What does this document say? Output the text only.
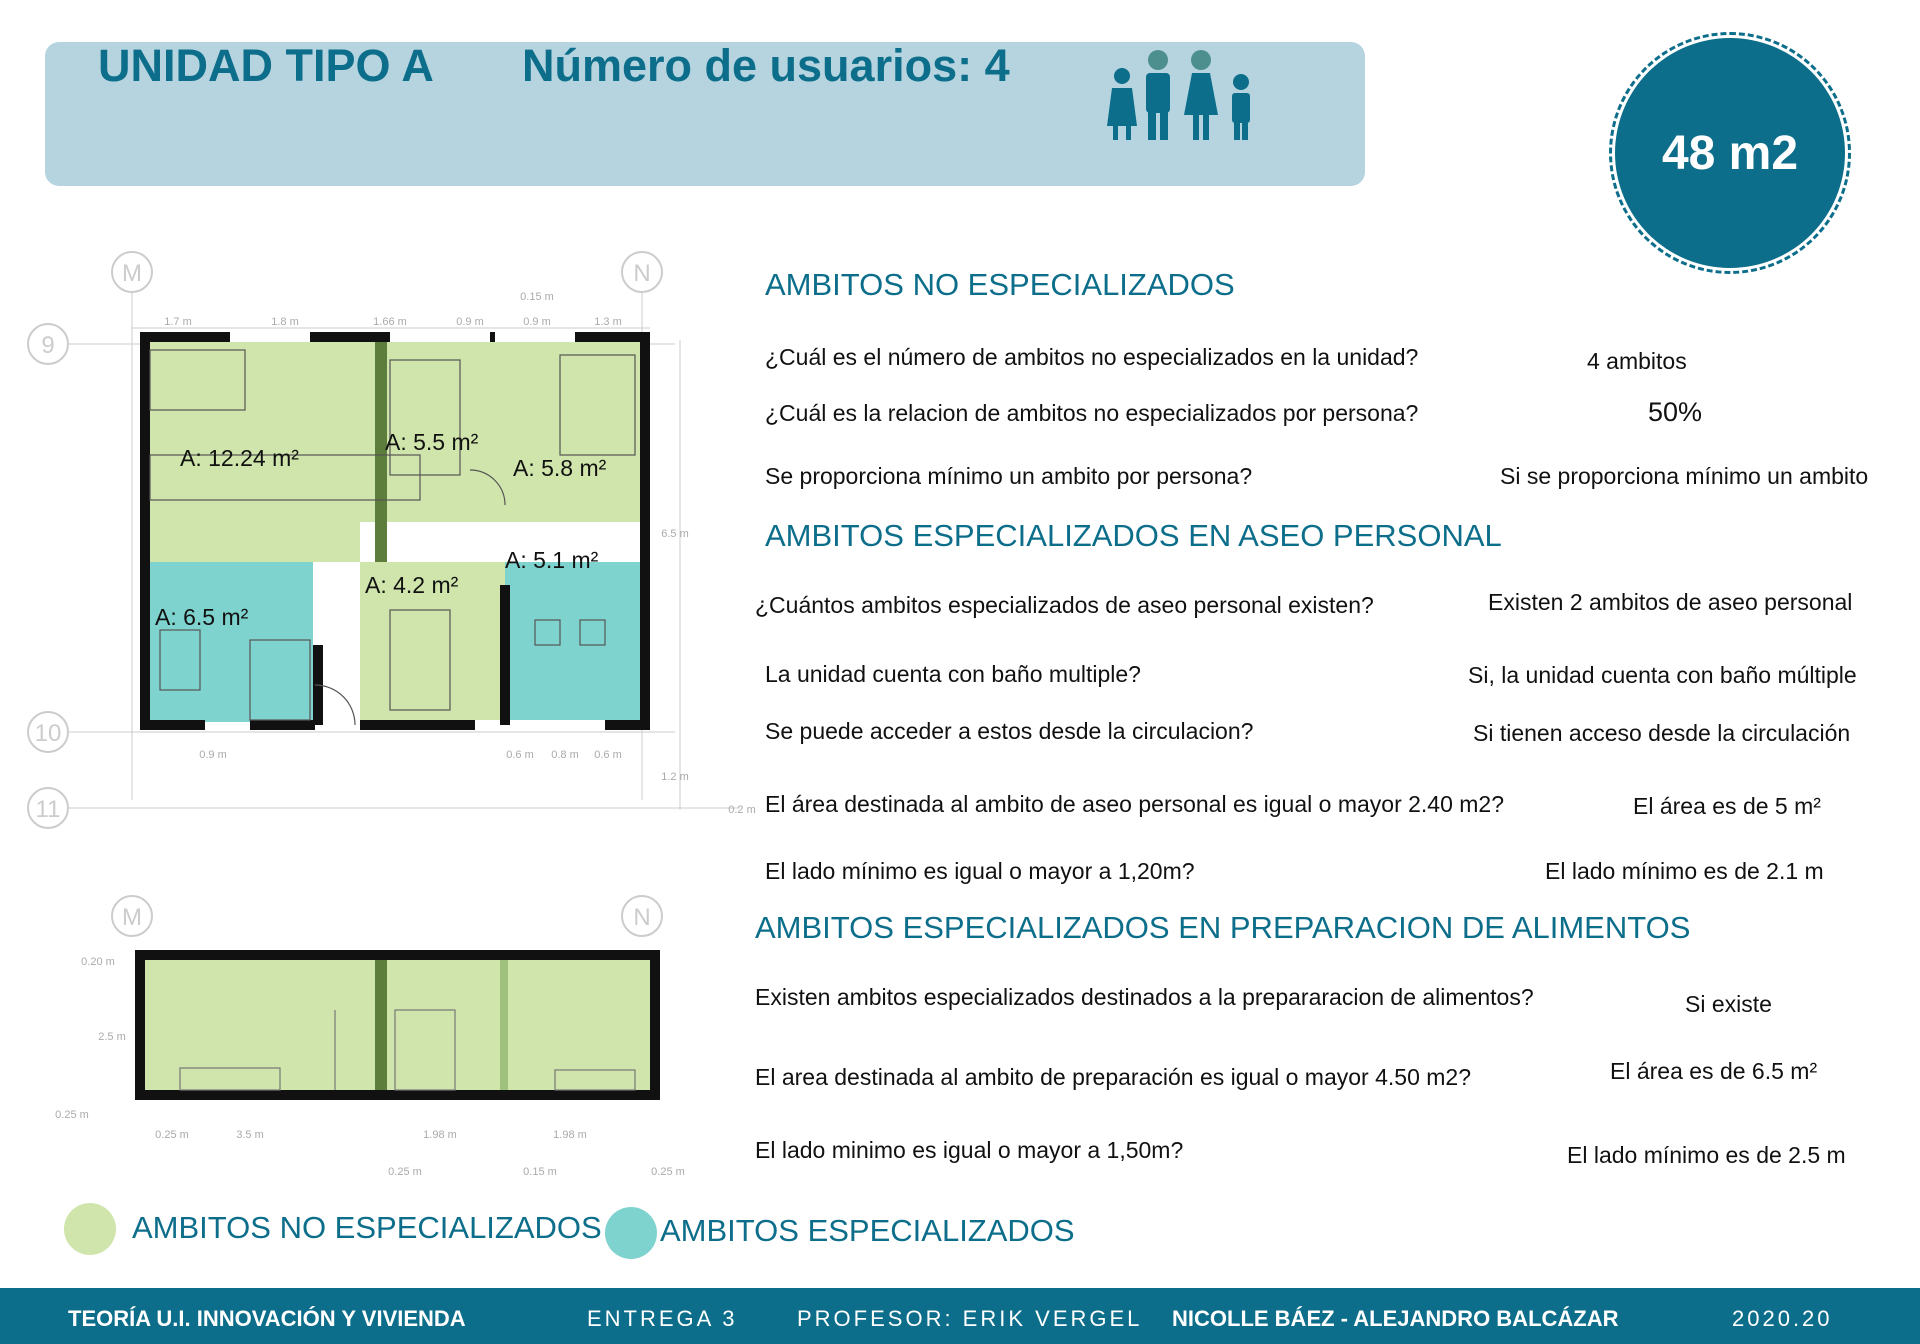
UNIDAD TIPO A Número de usuarios: 4
48 m2
M	N
9
10
11
M	N
1.7 m	1.8 m	1.66 m	0.9 m	0.9 m	1.3 m
0.15 m
6.5 m
1.2 m
0.2 m
0.9 m	0.6 m 0.8 m 0.6 m
A: 12.24 m²
A: 5.5 m²
A: 5.8 m²
A: 4.2 m²
A: 5.1 m²
A: 6.5 m²
0.20 m
2.5 m
0.25 m
0.25 m	3.5 m	1.98 m	1.98 m
0.25 m	0.15 m	0.25 m
AMBITOS NO ESPECIALIZADOS
¿Cuál es el número de ambitos no especializados en la unidad?	4 ambitos
¿Cuál es la relacion de ambitos no especializados por persona?	50%
Se proporciona mínimo un ambito por persona?	Si se proporciona mínimo un ambito
AMBITOS ESPECIALIZADOS EN ASEO PERSONAL
¿Cuántos ambitos especializados de aseo personal existen?	Existen 2 ambitos de aseo personal
La unidad cuenta con baño multiple?	Si, la unidad cuenta con baño múltiple
Se puede acceder a estos desde la circulacion?	Si tienen acceso desde la circulación
El área destinada al ambito de aseo personal es igual o mayor 2.40 m2?	El área es de 5 m²
El lado mínimo es igual o mayor a 1,20m?	El lado mínimo es de 2.1 m
AMBITOS ESPECIALIZADOS EN PREPARACION DE ALIMENTOS
Existen ambitos especializados destinados a la prepararacion de alimentos?	Si existe
El area destinada al ambito de preparación es igual o mayor 4.50 m2?	El área es de 6.5 m²
El lado minimo es igual o mayor a 1,50m?	El lado mínimo es de 2.5 m
AMBITOS NO ESPECIALIZADOS AMBITOS ESPECIALIZADOS
TEORÍA U.I. INNOVACIÓN Y VIVIENDA	ENTREGA 3	PROFESOR: ERIK VERGEL NICOLLE BÁEZ - ALEJANDRO BALCÁZAR	2020.20
